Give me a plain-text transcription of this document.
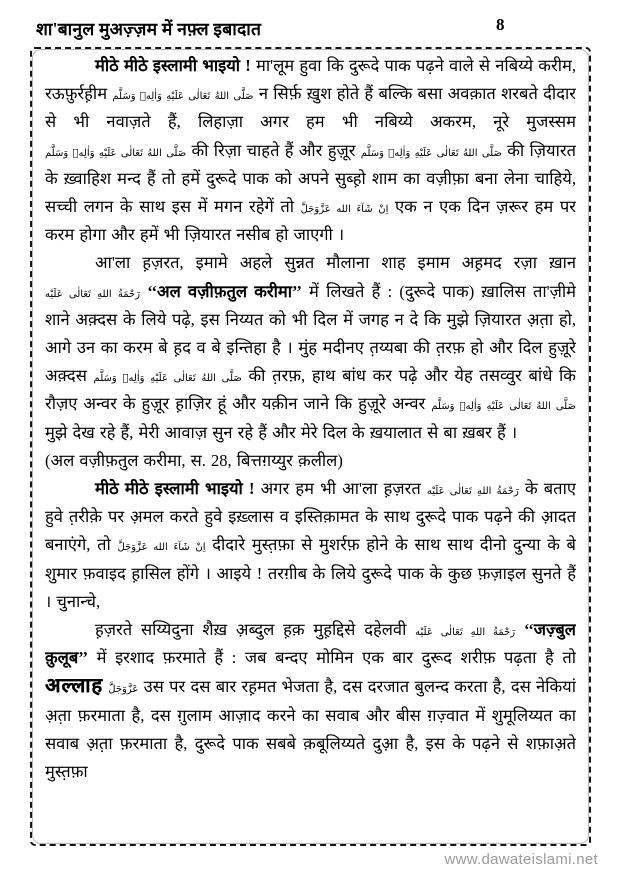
शा'बानुल मुअज़्ज़म में नफ़्ल इबादात	8

मीठे मीठे इस्लामी भाइयो ! मा'लूम हुवा कि दुरूदे पाक पढ़ने वाले से नबिय्ये करीम, रऊफ़ुर्रह़ीम صَلَّى اللهُ تَعَالٰى عَلَيْهِ وَاٰلِهٖ وَسَلَّم न सिर्फ़ ख़ुश होते हैं बल्कि बसा अवक़ात शरबते दीदार से भी नवाज़ते हैं, लिहाज़ा अगर हम भी नबिय्ये अकरम, नूरे मुजस्सम صَلَّى اللهُ تَعَالٰى عَلَيْهِ وَاٰلِهٖ وَسَلَّم की रिज़ा चाहते हैं और हुज़ूर صَلَّى اللهُ تَعَالٰى عَلَيْهِ وَاٰلِهٖ وَسَلَّم की ज़ियारत के ख़्वाहिश मन्द हैं तो हमें दुरूदे पाक को अपने सुब्ह़ो शाम का वज़ीफ़ा बना लेना चाहिये, सच्ची लगन के साथ इस में मगन रहेगें तो اِنْ شَآءَ الله عَزَّوَجَلَّ एक न एक दिन ज़रूर हम पर करम होगा और हमें भी ज़ियारत नसीब हो जाएगी ।

आ'ला ह़ज़रत, इमामे अहले सुन्नत मौलाना शाह इमाम अह़मद रज़ा ख़ान رَحْمَةُ اللهِ تَعَالٰى عَلَيْه ‘‘अल वज़ीफ़तुल करीमा’’ में लिखते हैं : (दुरूदे पाक) ख़ालिस ता'ज़ीमे शाने अक़्दस के लिये पढ़े, इस निय्यत को भी दिल में जगह न दे कि मुझे ज़ियारत अ़त़ा हो, आगे उन का करम बे ह़द व बे इन्तिहा है । मुंह मदीनए त़य्यबा की त़रफ़ हो और दिल हुज़ूरे अक़्दस صَلَّى اللهُ تَعَالٰى عَلَيْهِ وَاٰلِهٖ وَسَلَّم की त़रफ़, हाथ बांध कर पढ़े और येह तसव्वुर बांधे कि रौज़ए अन्वर के हुज़ूर ह़ाज़िर हूं और यक़ीन जाने कि हुज़ूरे अन्वर صَلَّى اللهُ تَعَالٰى عَلَيْهِ وَاٰلِهٖ وَسَلَّم मुझे देख रहे हैं, मेरी आवाज़ सुन रहे हैं और मेरे दिल के ख़यालात से बा ख़बर हैं ।

(अल वज़ीफ़तुल करीमा, स. 28, बित्तग़य्युर क़लील)

मीठे मीठे इस्लामी भाइयो ! अगर हम भी आ'ला ह़ज़रत رَحْمَةُ اللهِ تَعَالٰى عَلَيْه के बताए हुवे त़रीक़े पर अ़मल करते हुवे इख़्लास व इस्तिक़ामत के साथ दुरूदे पाक पढ़ने की आ़दत बनाएंगे, तो اِنْ شَآءَ الله عَزَّوَجَلَّ दीदारे मुस्त़फ़ा से मुशर्रफ़ होने के साथ साथ दीनो दुन्या के बे शुमार फ़वाइद ह़ासिल होंगे । आइये ! तरग़ीब के लिये दुरूदे पाक के कुछ फ़ज़ाइल सुनते हैं । चुनान्चे,

ह़ज़रते सय्यिदुना शैख़ अ़ब्दुल ह़क़ मुह़द्दिसे दहेलवी رَحْمَةُ اللهِ تَعَالٰى عَلَيْه ‘‘जज़्बुल क़ुलूब’’ में इरशाद फ़रमाते हैं : जब बन्दए मोमिन एक बार दुरूद शरीफ़ पढ़ता है तो अल्लाह عَزَّوَجَلَّ उस पर दस बार रह़मत भेजता है, दस दरजात बुलन्द करता है, दस नेकियां अ़त़ा फ़रमाता है, दस ग़ुलाम आज़ाद करने का सवाब और बीस ग़ज़्वात में शुमूलिय्यत का सवाब अ़त़ा फ़रमाता है, दुरूदे पाक सबबे क़बूलिय्यते दुआ़ है, इस के पढ़ने से शफ़ाअ़ते मुस्त़फ़ा

www.dawateislami.net
